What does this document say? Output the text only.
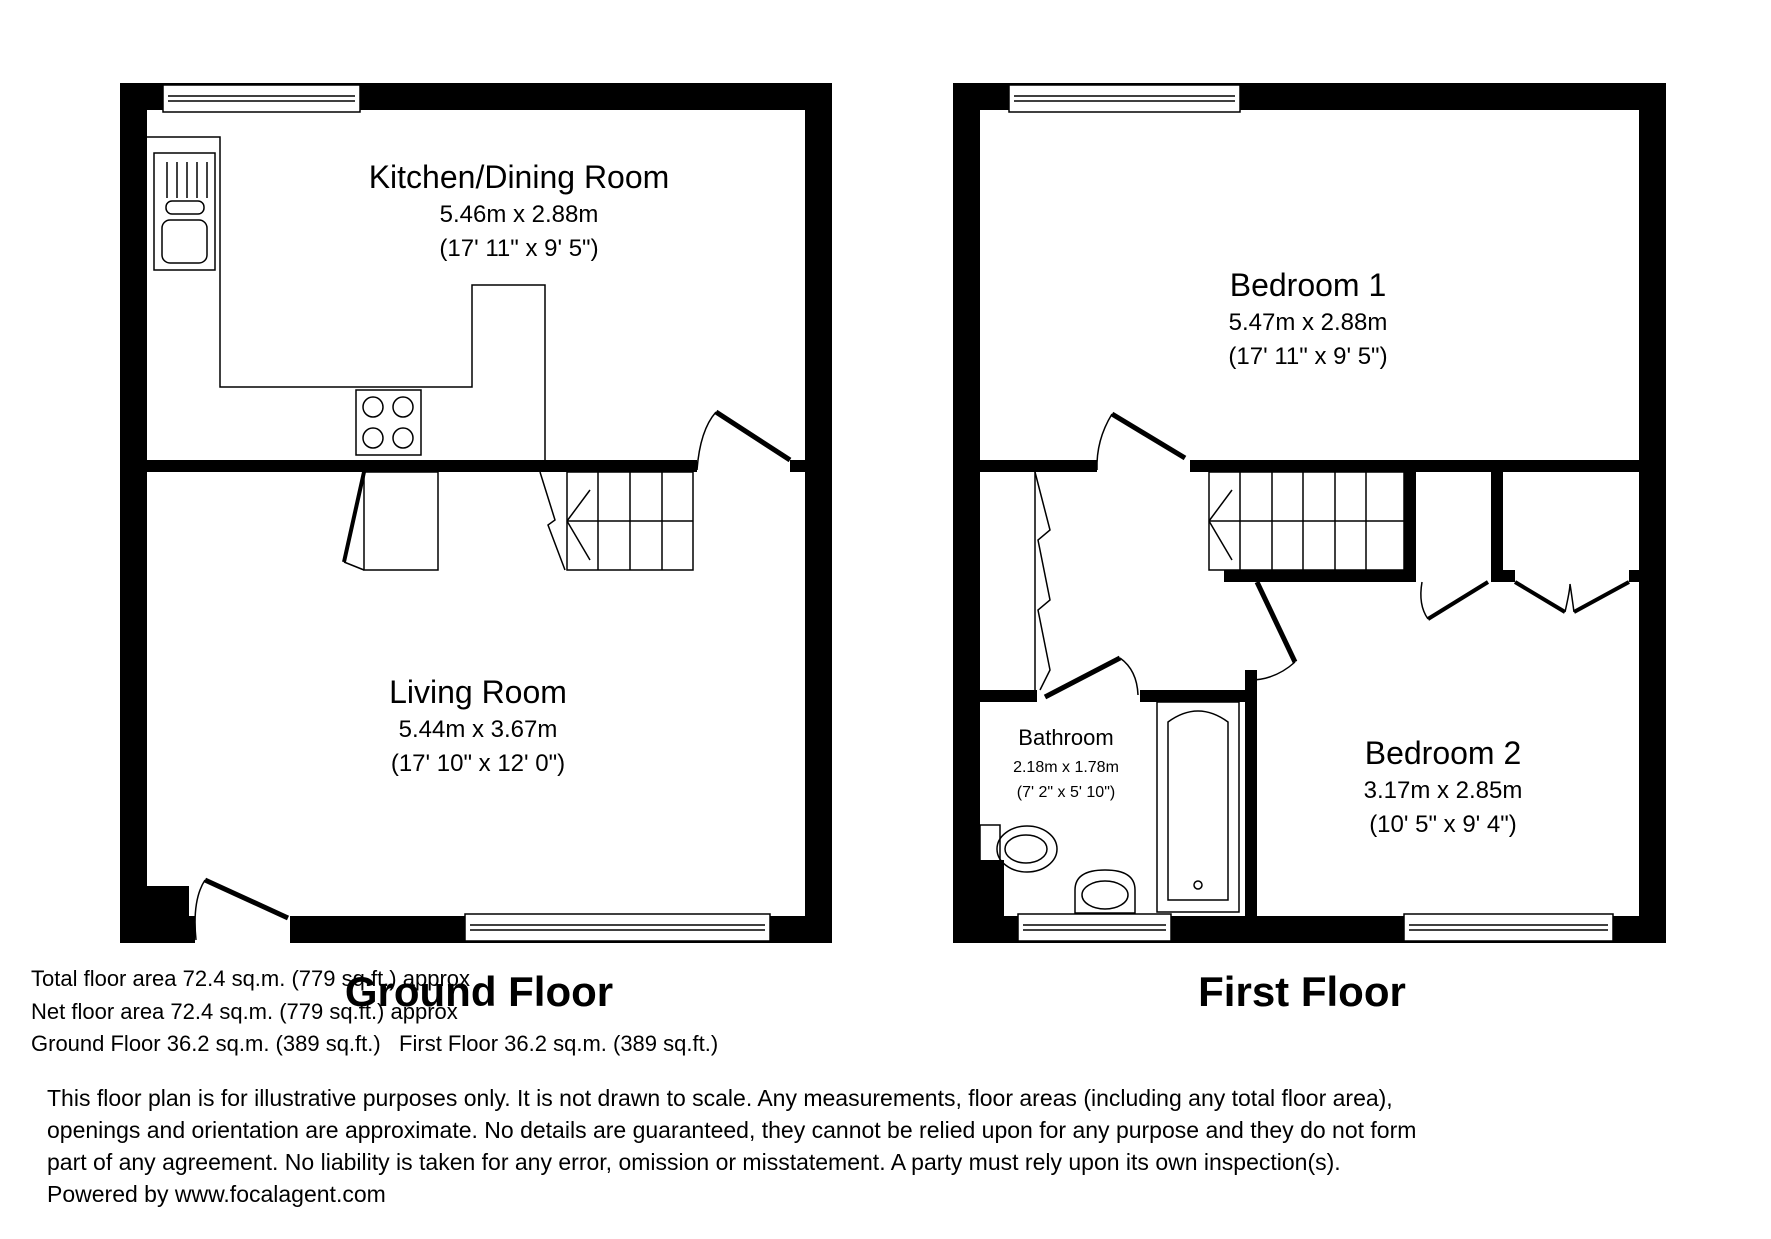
Kitchen/Dining Room
5.46m x 2.88m
(17' 11" x 9' 5")
Living Room
5.44m x 3.67m
(17' 10" x 12' 0")
Bedroom 1
5.47m x 2.88m
(17' 11" x 9' 5")
Bathroom
2.18m x 1.78m
(7' 2" x 5' 10")
Bedroom 2
3.17m x 2.85m
(10' 5" x 9' 4")
Ground Floor	First Floor
Total floor area 72.4 sq.m. (779 sq.ft.) approx
Net floor area 72.4 sq.m. (779 sq.ft.) approx
Ground Floor 36.2 sq.m. (389 sq.ft.)   First Floor 36.2 sq.m. (389 sq.ft.)
This floor plan is for illustrative purposes only. It is not drawn to scale. Any measurements, floor areas (including any total floor area),
openings and orientation are approximate. No details are guaranteed, they cannot be relied upon for any purpose and they do not form
part of any agreement. No liability is taken for any error, omission or misstatement. A party must rely upon its own inspection(s).
Powered by www.focalagent.com
